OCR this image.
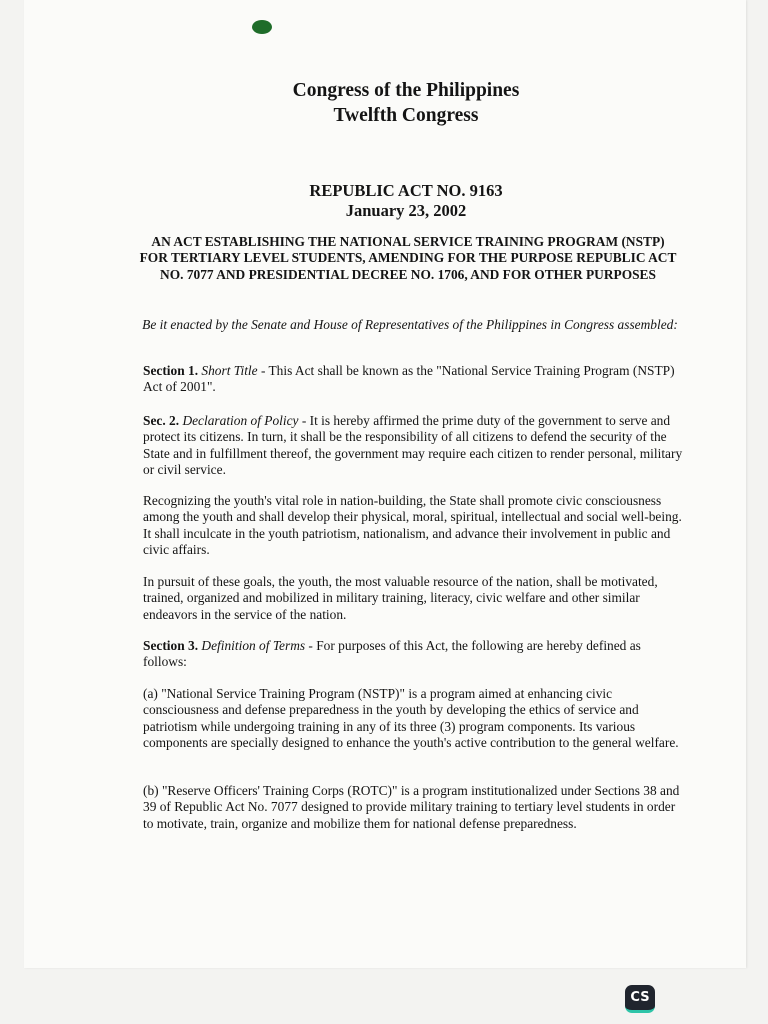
Congress of the Philippines
Twelfth Congress
REPUBLIC ACT NO. 9163
January 23, 2002
AN ACT ESTABLISHING THE NATIONAL SERVICE TRAINING PROGRAM (NSTP) FOR TERTIARY LEVEL STUDENTS, AMENDING FOR THE PURPOSE REPUBLIC ACT NO. 7077 AND PRESIDENTIAL DECREE NO. 1706, AND FOR OTHER PURPOSES
Be it enacted by the Senate and House of Representatives of the Philippines in Congress assembled:
Section 1. Short Title - This Act shall be known as the "National Service Training Program (NSTP) Act of 2001".
Sec. 2. Declaration of Policy - It is hereby affirmed the prime duty of the government to serve and protect its citizens. In turn, it shall be the responsibility of all citizens to defend the security of the State and in fulfillment thereof, the government may require each citizen to render personal, military or civil service.
Recognizing the youth's vital role in nation-building, the State shall promote civic consciousness among the youth and shall develop their physical, moral, spiritual, intellectual and social well-being. It shall inculcate in the youth patriotism, nationalism, and advance their involvement in public and civic affairs.
In pursuit of these goals, the youth, the most valuable resource of the nation, shall be motivated, trained, organized and mobilized in military training, literacy, civic welfare and other similar endeavors in the service of the nation.
Section 3. Definition of Terms - For purposes of this Act, the following are hereby defined as follows:
(a) "National Service Training Program (NSTP)" is a program aimed at enhancing civic consciousness and defense preparedness in the youth by developing the ethics of service and patriotism while undergoing training in any of its three (3) program components. Its various components are specially designed to enhance the youth's active contribution to the general welfare.
(b) "Reserve Officers' Training Corps (ROTC)" is a program institutionalized under Sections 38 and 39 of Republic Act No. 7077 designed to provide military training to tertiary level students in order to motivate, train, organize and mobilize them for national defense preparedness.
CS
